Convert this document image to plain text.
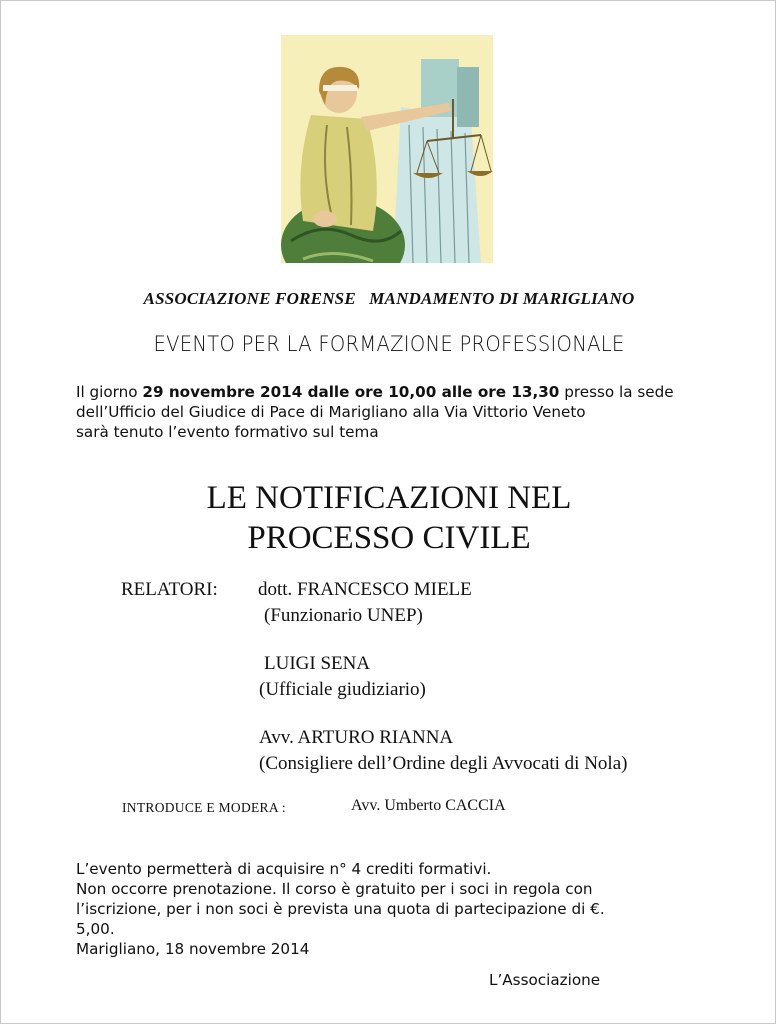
ASSOCIAZIONE FORENSE   MANDAMENTO DI MARIGLIANO
EVENTO PER LA FORMAZIONE PROFESSIONALE
Il giorno 29 novembre 2014 dalle ore 10,00 alle ore 13,30 presso la sede
dell’Ufficio del Giudice di Pace di Marigliano alla Via Vittorio Veneto
sarà tenuto l’evento formativo sul tema
LE NOTIFICAZIONI NEL
PROCESSO CIVILE
RELATORI: dott. FRANCESCO MIELE
(Funzionario UNEP)
LUIGI SENA
(Ufficiale giudiziario)
Avv. ARTURO RIANNA
(Consigliere dell’Ordine degli Avvocati di Nola)
INTRODUCE E MODERA :	Avv. Umberto CACCIA
L’evento permetterà di acquisire n° 4 crediti formativi.
Non occorre prenotazione. Il corso è gratuito per i soci in regola con
l’iscrizione, per i non soci è prevista una quota di partecipazione di €.
5,00.
Marigliano, 18 novembre 2014
L’Associazione
